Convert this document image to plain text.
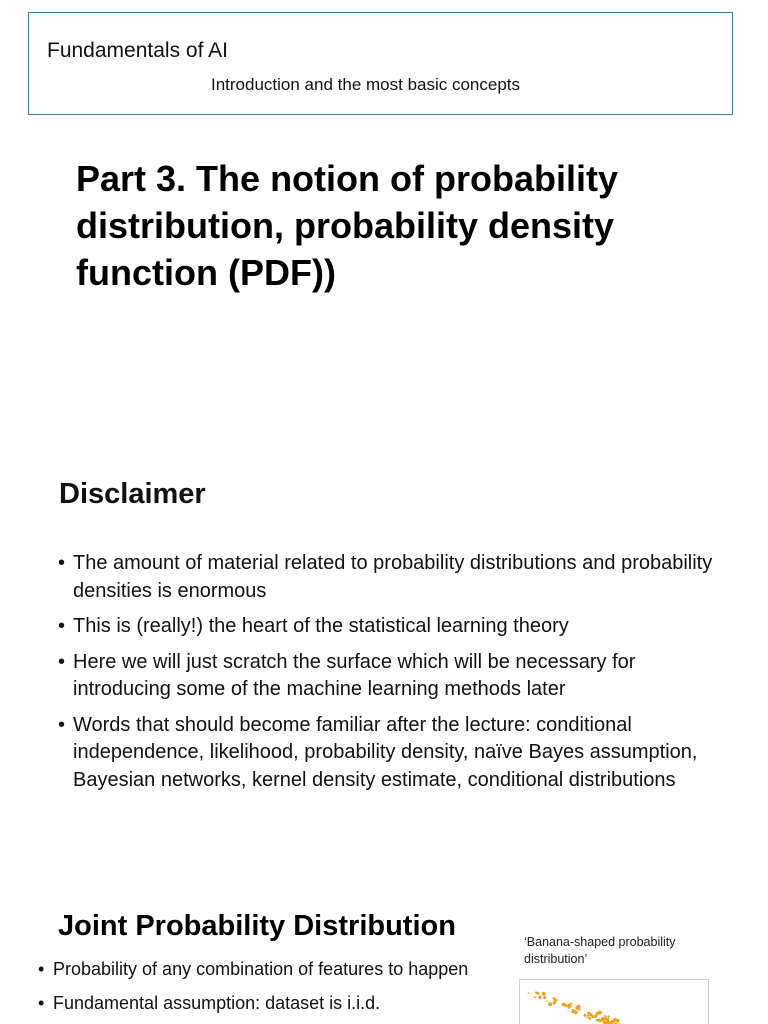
Fundamentals of AI
Introduction and the most basic concepts
Part 3. The notion of probability distribution, probability density function (PDF))
Disclaimer
• The amount of material related to probability distributions and probability densities is enormous
• This is (really!) the heart of the statistical learning theory
• Here we will just scratch the surface which will be necessary for introducing some of the machine learning methods later
• Words that should become familiar after the lecture: conditional independence, likelihood, probability density, naïve Bayes assumption, Bayesian networks, kernel density estimate, conditional distributions
Joint Probability Distribution
• Probability of any combination of features to happen
• Fundamental assumption: dataset is i.i.d.
‘Banana-shaped probability distribution’
